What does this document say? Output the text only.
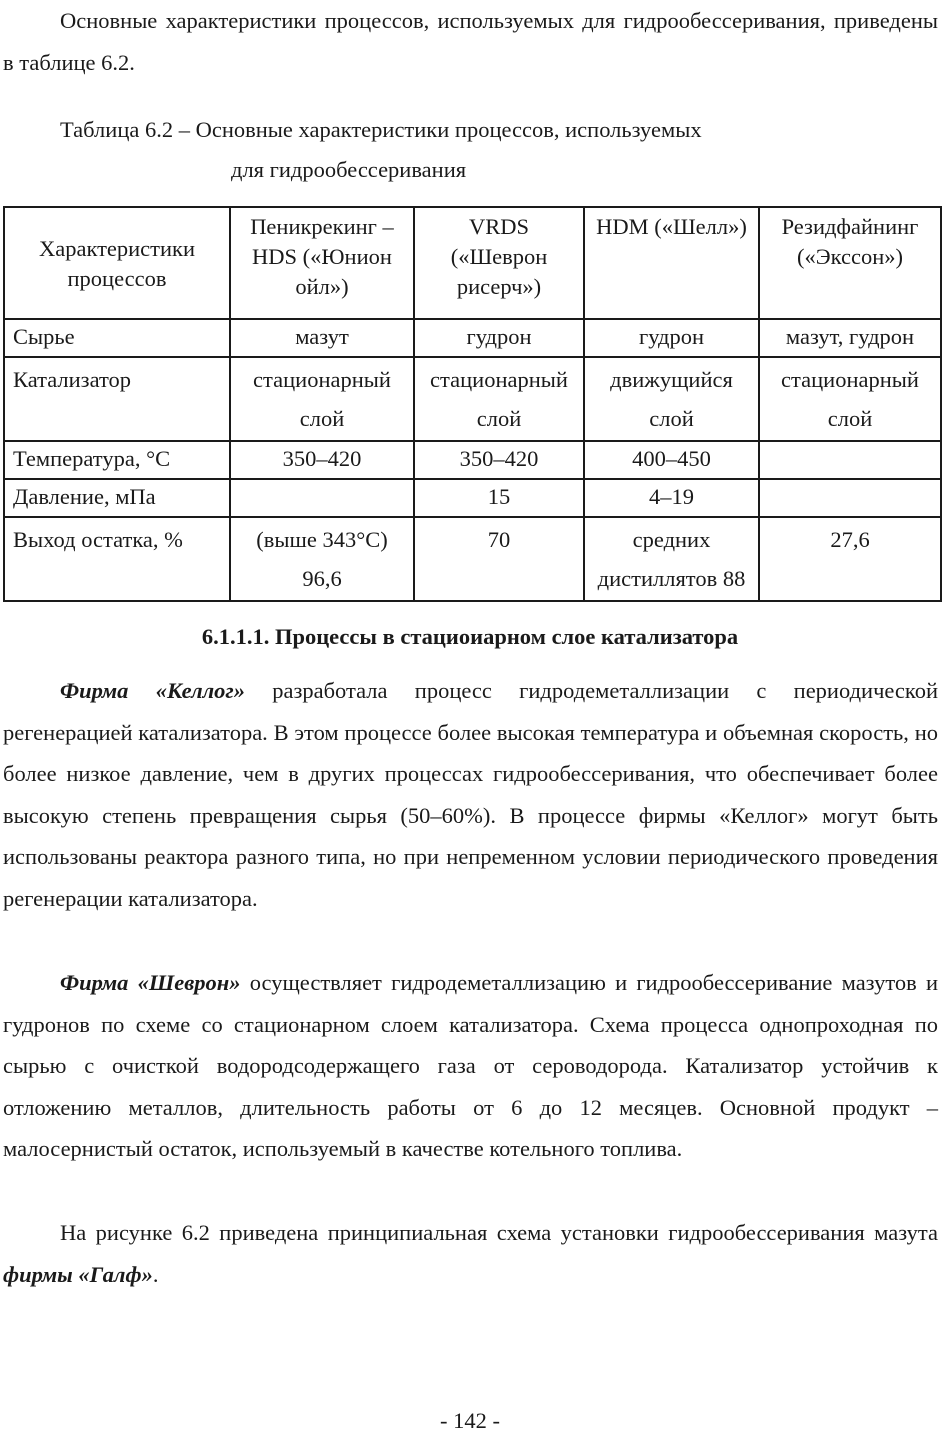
Основные характеристики процессов, используемых для гидрообессеривания, приведены в таблице 6.2.

Таблица 6.2 – Основные характеристики процессов, используемых
для гидрообессеривания

Характеристики процессов	Пеникрекинг – HDS («Юнион ойл»)	VRDS («Шеврон рисерч»)	HDM («Шелл»)	Резидфайнинг («Экссон»)
Сырье	мазут	гудрон	гудрон	мазут, гудрон
Катализатор	стационарный слой	стационарный слой	движущийся слой	стационарный слой
Температура, °С	350–420	350–420	400–450	
Давление, мПа		15	4–19	
Выход остатка, %	(выше 343°С) 96,6	70	средних дистиллятов 88	27,6
6.1.1.1. Процессы в стациоиарном слое катализатора

Фирма «Келлог» разработала процесс гидродеметаллизации с периодической регенерацией катализатора. В этом процессе более высокая температура и объемная скорость, но более низкое давление, чем в других процессах гидрообессеривания, что обеспечивает более высокую степень превращения сырья (50–60%). В процессе фирмы «Келлог» могут быть использованы реактора разного типа, но при непременном условии периодического проведения регенерации катализатора.

Фирма «Шеврон» осуществляет гидродеметаллизацию и гидрообессеривание мазутов и гудронов по схеме со стационарном слоем катализатора. Схема процесса однопроходная по сырью с очисткой водородсодержащего газа от сероводорода. Катализатор устойчив к отложению металлов, длительность работы от 6 до 12 месяцев. Основной продукт – малосернистый остаток, используемый в качестве котельного топлива.

На рисунке 6.2 приведена принципиальная схема установки гидрообессеривания мазута фирмы «Галф».

- 142 -
